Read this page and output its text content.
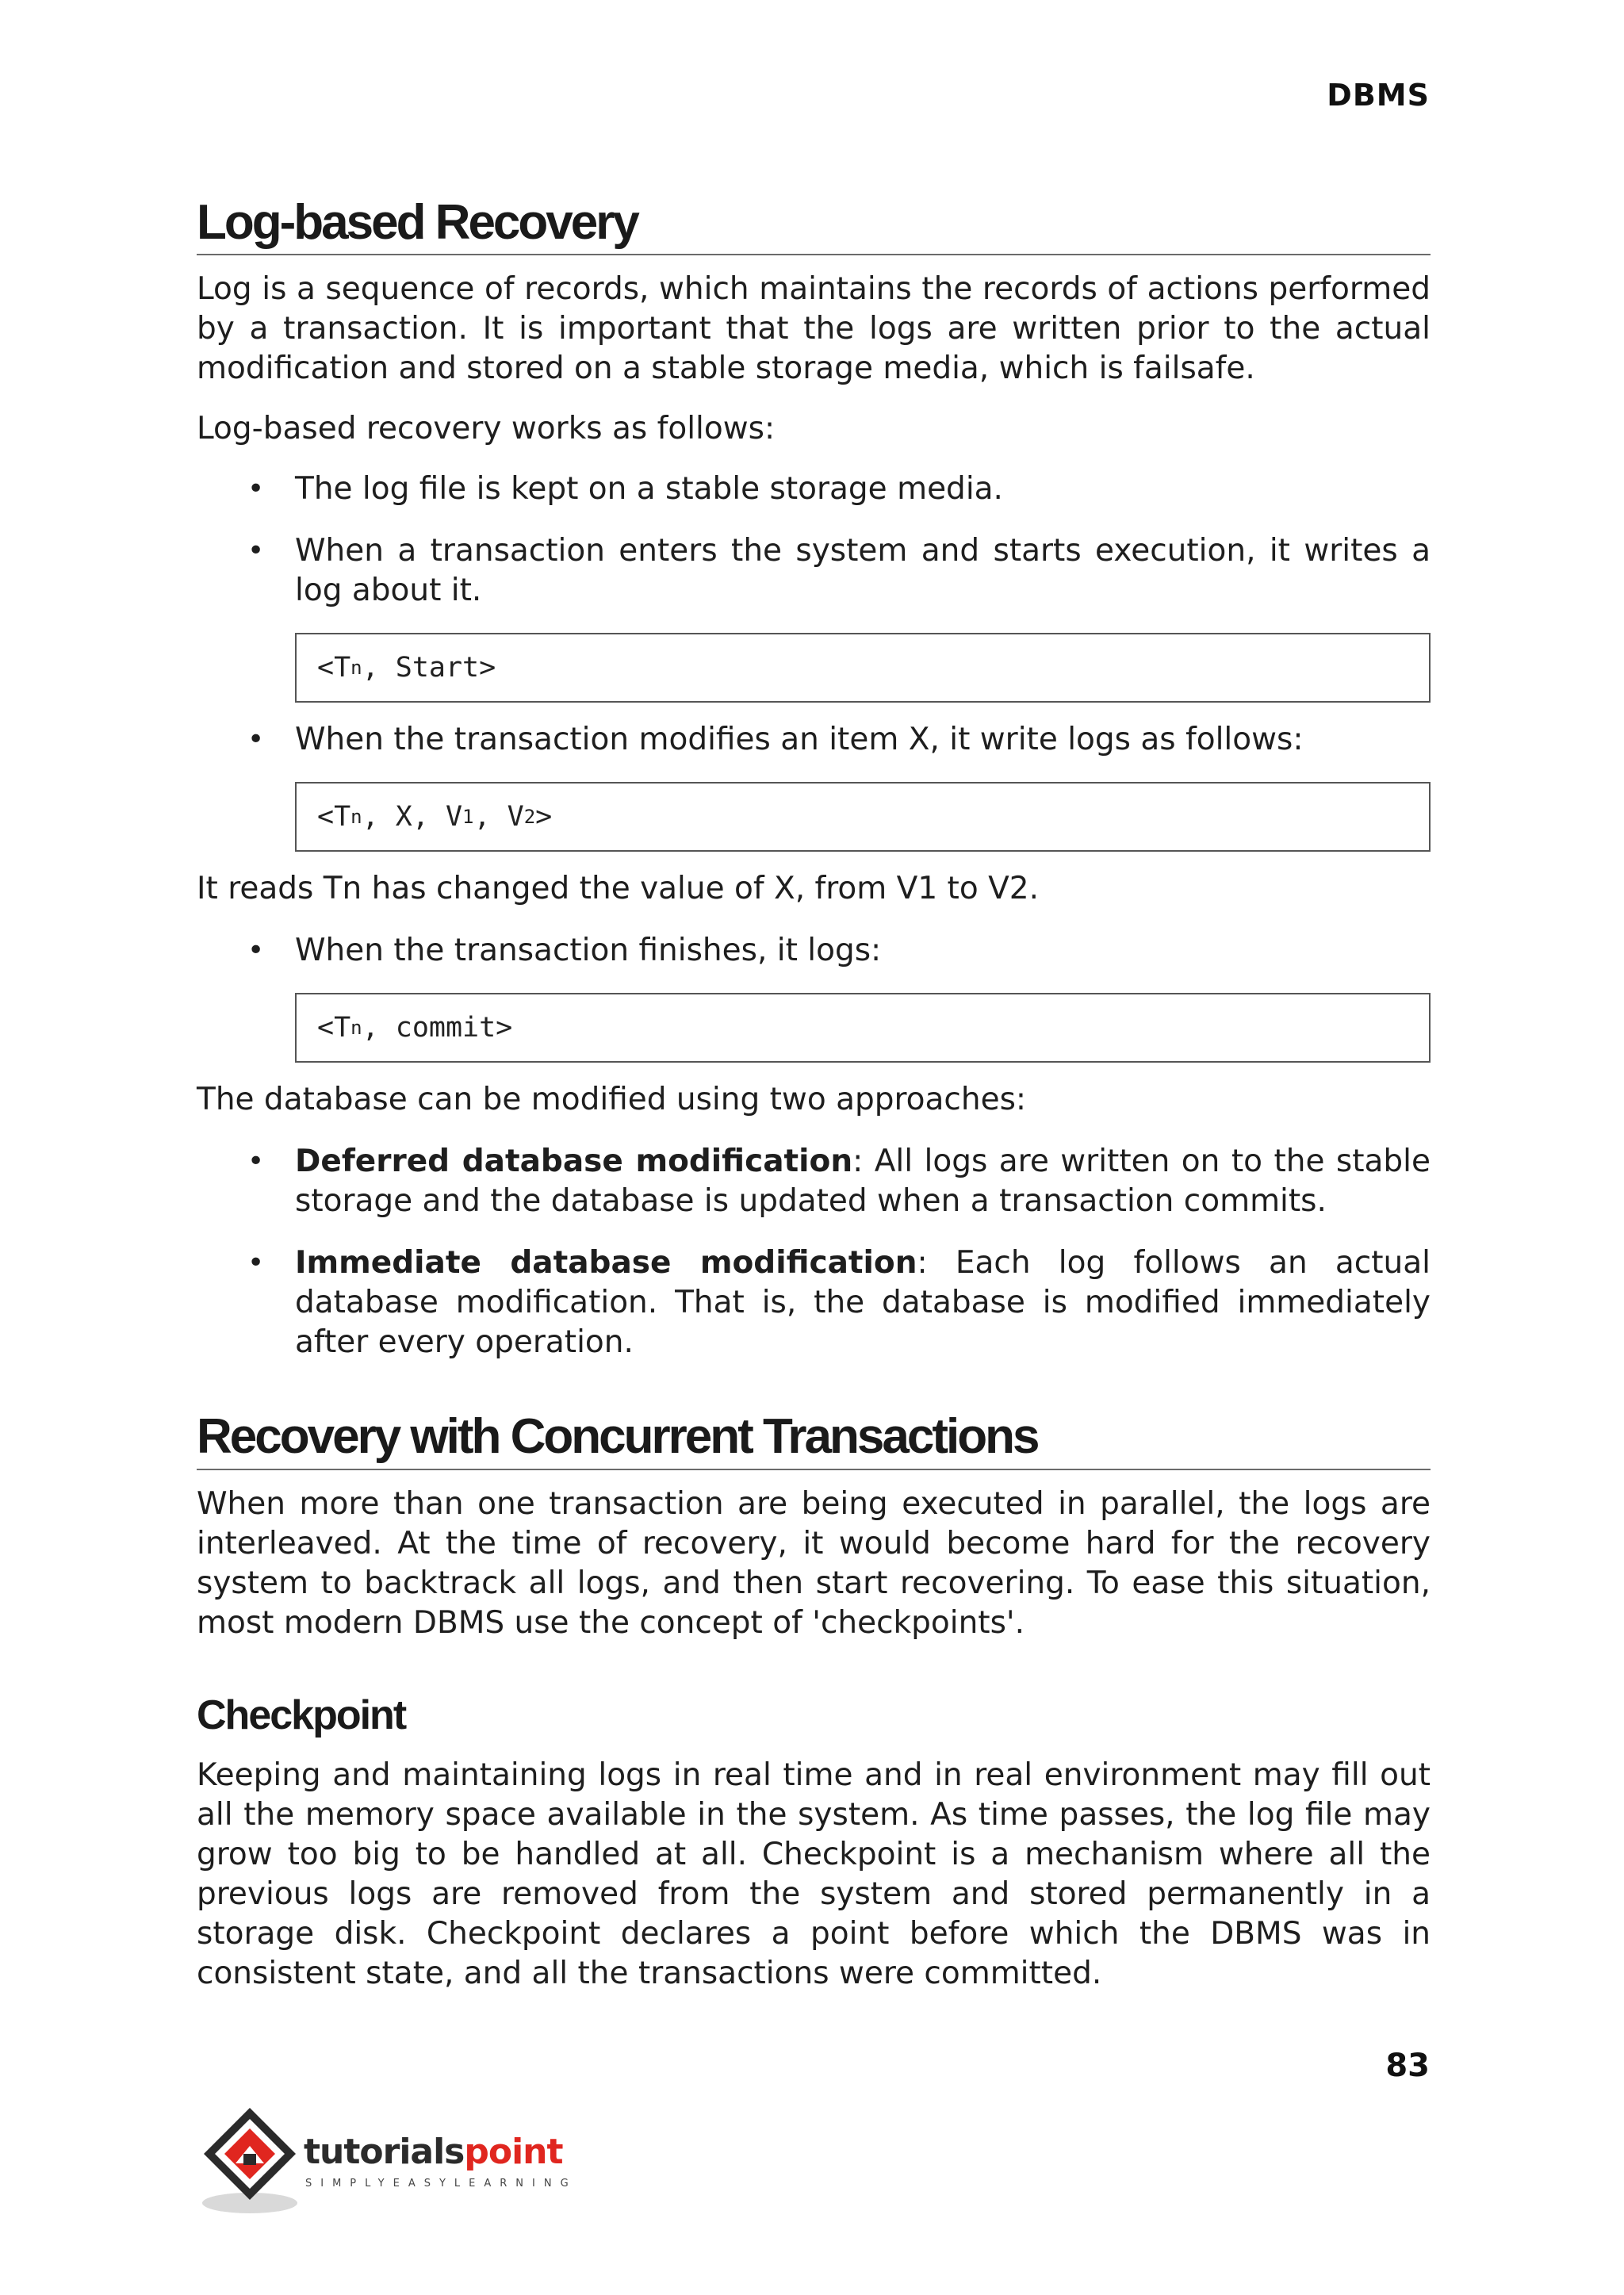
DBMS
Log-based Recovery

Log is a sequence of records, which maintains the records of actions performed by a transaction. It is important that the logs are written prior to the actual modification and stored on a stable storage media, which is failsafe.

Log-based recovery works as follows:

• The log file is kept on a stable storage media.
• When a transaction enters the system and starts execution, it writes a log about it.
<T n , Start>
• When the transaction modifies an item X, it write logs as follows:
<T n , X, V 1 , V 2 >

It reads Tn has changed the value of X, from V1 to V2.

• When the transaction finishes, it logs:
<T n , commit>

The database can be modified using two approaches:

• Deferred database modification: All logs are written on to the stable storage and the database is updated when a transaction commits.
• Immediate database modification: Each log follows an actual database modification. That is, the database is modified immediately after every operation.
Recovery with Concurrent Transactions

When more than one transaction are being executed in parallel, the logs are interleaved. At the time of recovery, it would become hard for the recovery system to backtrack all logs, and then start recovering. To ease this situation, most modern DBMS use the concept of 'checkpoints'.

Checkpoint

Keeping and maintaining logs in real time and in real environment may fill out all the memory space available in the system. As time passes, the log file may grow too big to be handled at all. Checkpoint is a mechanism where all the previous logs are removed from the system and stored permanently in a storage disk. Checkpoint declares a point before which the DBMS was in consistent state, and all the transactions were committed.

83
tutorialspoint
SIMPLYEASYLEARNING
